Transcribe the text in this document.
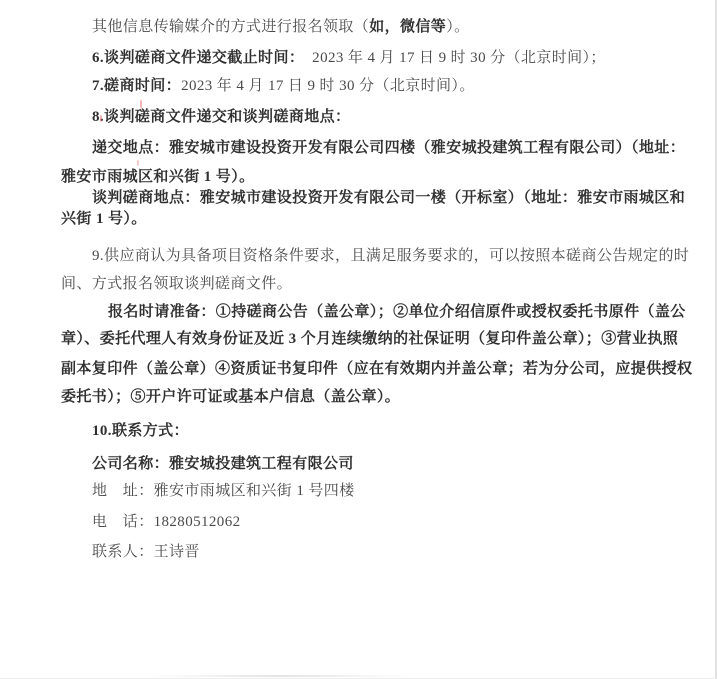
其他信息传输媒介的方式进行报名领取（如，微信等）。
6.谈判磋商文件递交截止时间：　2023 年 4 月 17 日 9 时 30 分（北京时间）；
7.磋商时间：2023 年 4 月 17 日 9 时 30 分（北京时间）。
8.谈判磋商文件递交和谈判磋商地点：
递交地点：雅安城市建设投资开发有限公司四楼（雅安城投建筑工程有限公司）（地址：
雅安市雨城区和兴街 1 号）。
谈判磋商地点：雅安城市建设投资开发有限公司一楼（开标室）（地址：雅安市雨城区和
兴街 1 号）。
9.供应商认为具备项目资格条件要求，且满足服务要求的，可以按照本磋商公告规定的时
间、方式报名领取谈判磋商文件。
报名时请准备：①持磋商公告（盖公章）；②单位介绍信原件或授权委托书原件（盖公
章）、委托代理人有效身份证及近 3 个月连续缴纳的社保证明（复印件盖公章）；③营业执照
副本复印件（盖公章）④资质证书复印件（应在有效期内并盖公章；若为分公司，应提供授权
委托书）；⑤开户许可证或基本户信息（盖公章）。
10.联系方式：
公司名称：雅安城投建筑工程有限公司
地　址：雅安市雨城区和兴街 1 号四楼
电　话：18280512062
联系人：王诗晋
